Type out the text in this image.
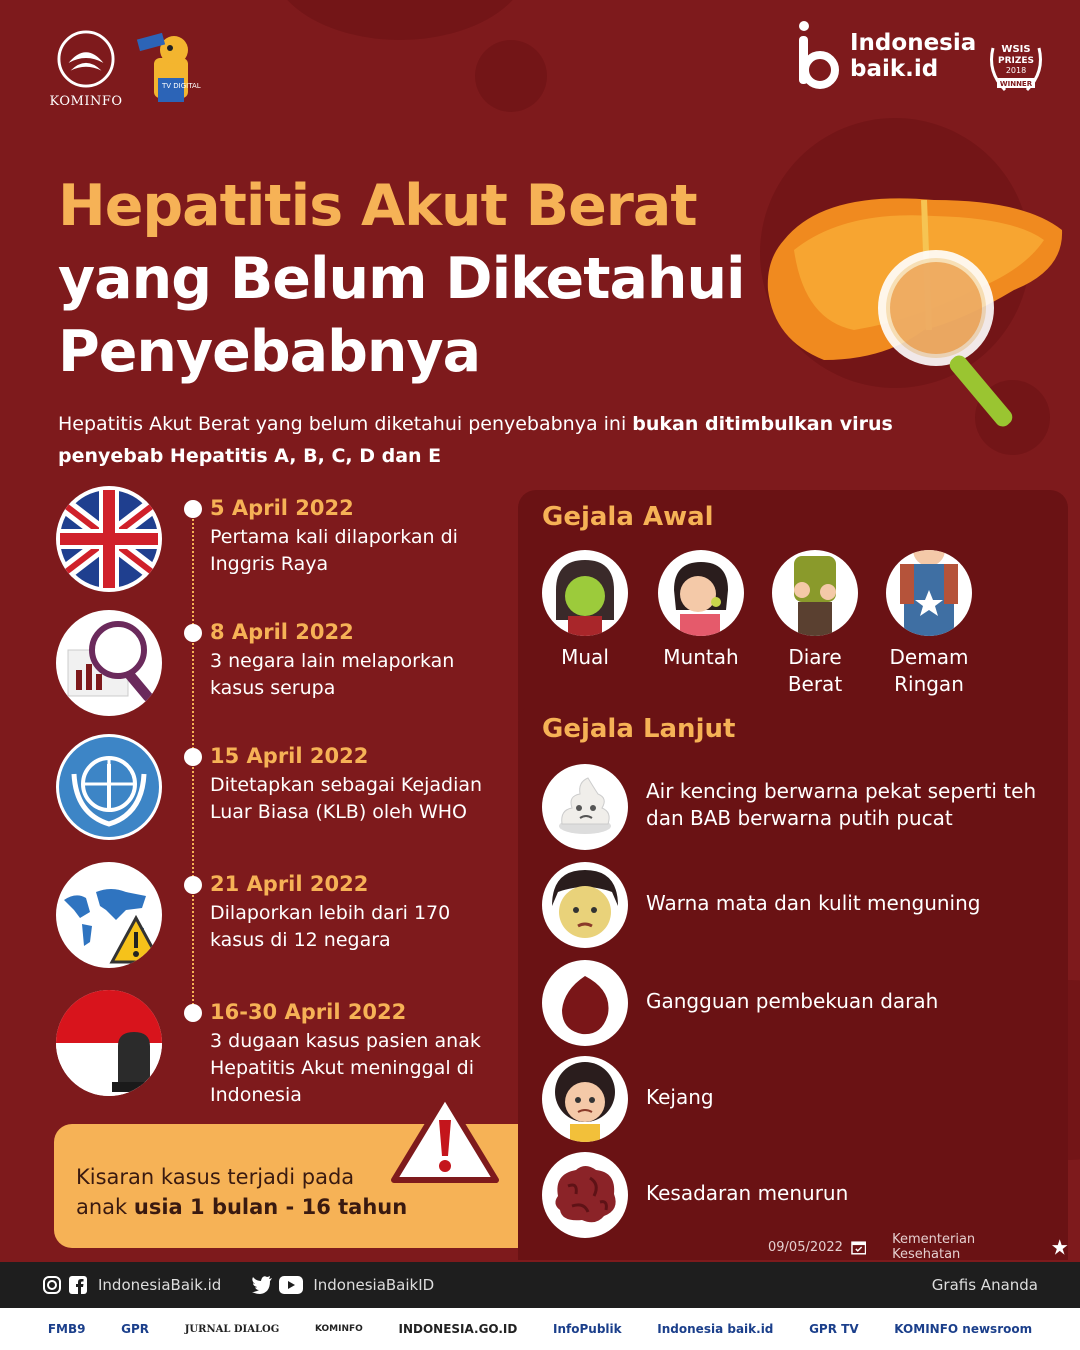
KOMINFO
TV DIGITAL
Indonesia
baik.id
WSIS
PRIZES
2018
WINNER
Hepatitis Akut Berat
yang Belum Diketahui
Penyebabnya
Hepatitis Akut Berat yang belum diketahui penyebabnya ini bukan ditimbulkan virus penyebab Hepatitis A, B, C, D dan E
5 April 2022
Pertama kali dilaporkan di Inggris Raya
8 April 2022
3 negara lain melaporkan kasus serupa
15 April 2022
Ditetapkan sebagai Kejadian Luar Biasa (KLB) oleh WHO
21 April 2022
Dilaporkan lebih dari 170 kasus di 12 negara
16-30 April 2022
3 dugaan kasus pasien anak Hepatitis Akut meninggal di Indonesia
Kisaran kasus terjadi pada
anak usia 1 bulan - 16 tahun
Gejala Awal
Mual	Muntah	Diare Berat
Demam Ringan
Gejala Lanjut
Air kencing berwarna pekat seperti teh dan BAB berwarna putih pucat
Warna mata dan kulit menguning
Gangguan pembekuan darah
Kejang
Kesadaran menurun
09/05/2022	Kementerian Kesehatan
IndonesiaBaik.id	IndonesiaBaikID	Grafis Ananda
FMB9	GPR	JURNAL DIALOG	KOMINFO	INDONESIA.GO.ID	InfoPublik	Indonesia baik.id	GPR TV	KOMINFO newsroom
